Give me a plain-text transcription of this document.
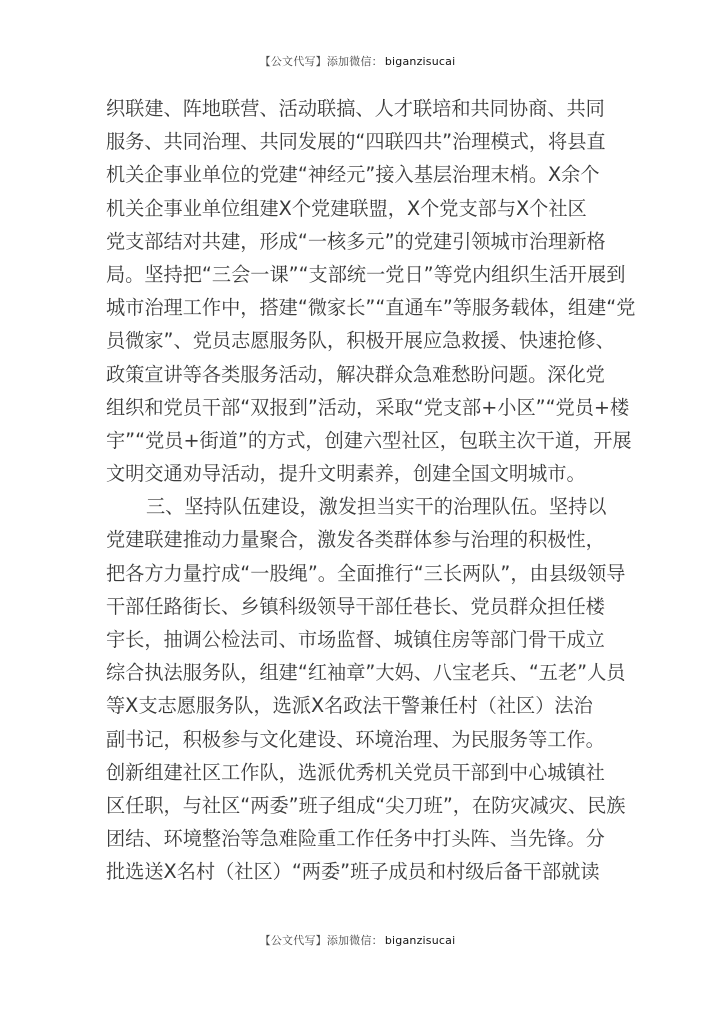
【公文代写】添加微信： biganzisucai
织联建、阵地联营、活动联搞、人才联培和共同协商、共同
服务、共同治理、共同发展的“四联四共”治理模式，将县直
机关企事业单位的党建“神经元”接入基层治理末梢。X余个
机关企事业单位组建X个党建联盟，X个党支部与X个社区
党支部结对共建，形成“一核多元”的党建引领城市治理新格
局。坚持把“三会一课”“支部统一党日”等党内组织生活开展到
城市治理工作中，搭建“微家长”“直通车”等服务载体，组建“党
员微家”、党员志愿服务队，积极开展应急救援、快速抢修、
政策宣讲等各类服务活动，解决群众急难愁盼问题。深化党
组织和党员干部“双报到”活动，采取“党支部+小区”“党员+楼
宇”“党员+街道”的方式，创建六型社区，包联主次干道，开展
文明交通劝导活动，提升文明素养，创建全国文明城市。
三、坚持队伍建设，激发担当实干的治理队伍。坚持以
党建联建推动力量聚合，激发各类群体参与治理的积极性，
把各方力量拧成“一股绳”。全面推行“三长两队”，由县级领导
干部任路街长、乡镇科级领导干部任巷长、党员群众担任楼
宇长，抽调公检法司、市场监督、城镇住房等部门骨干成立
综合执法服务队，组建“红袖章”大妈、八宝老兵、“五老”人员
等X支志愿服务队，选派X名政法干警兼任村（社区）法治
副书记，积极参与文化建设、环境治理、为民服务等工作。
创新组建社区工作队，选派优秀机关党员干部到中心城镇社
区任职，与社区“两委”班子组成“尖刀班”，在防灾减灾、民族
团结、环境整治等急难险重工作任务中打头阵、当先锋。分
批选送X名村（社区）“两委”班子成员和村级后备干部就读
【公文代写】添加微信： biganzisucai
